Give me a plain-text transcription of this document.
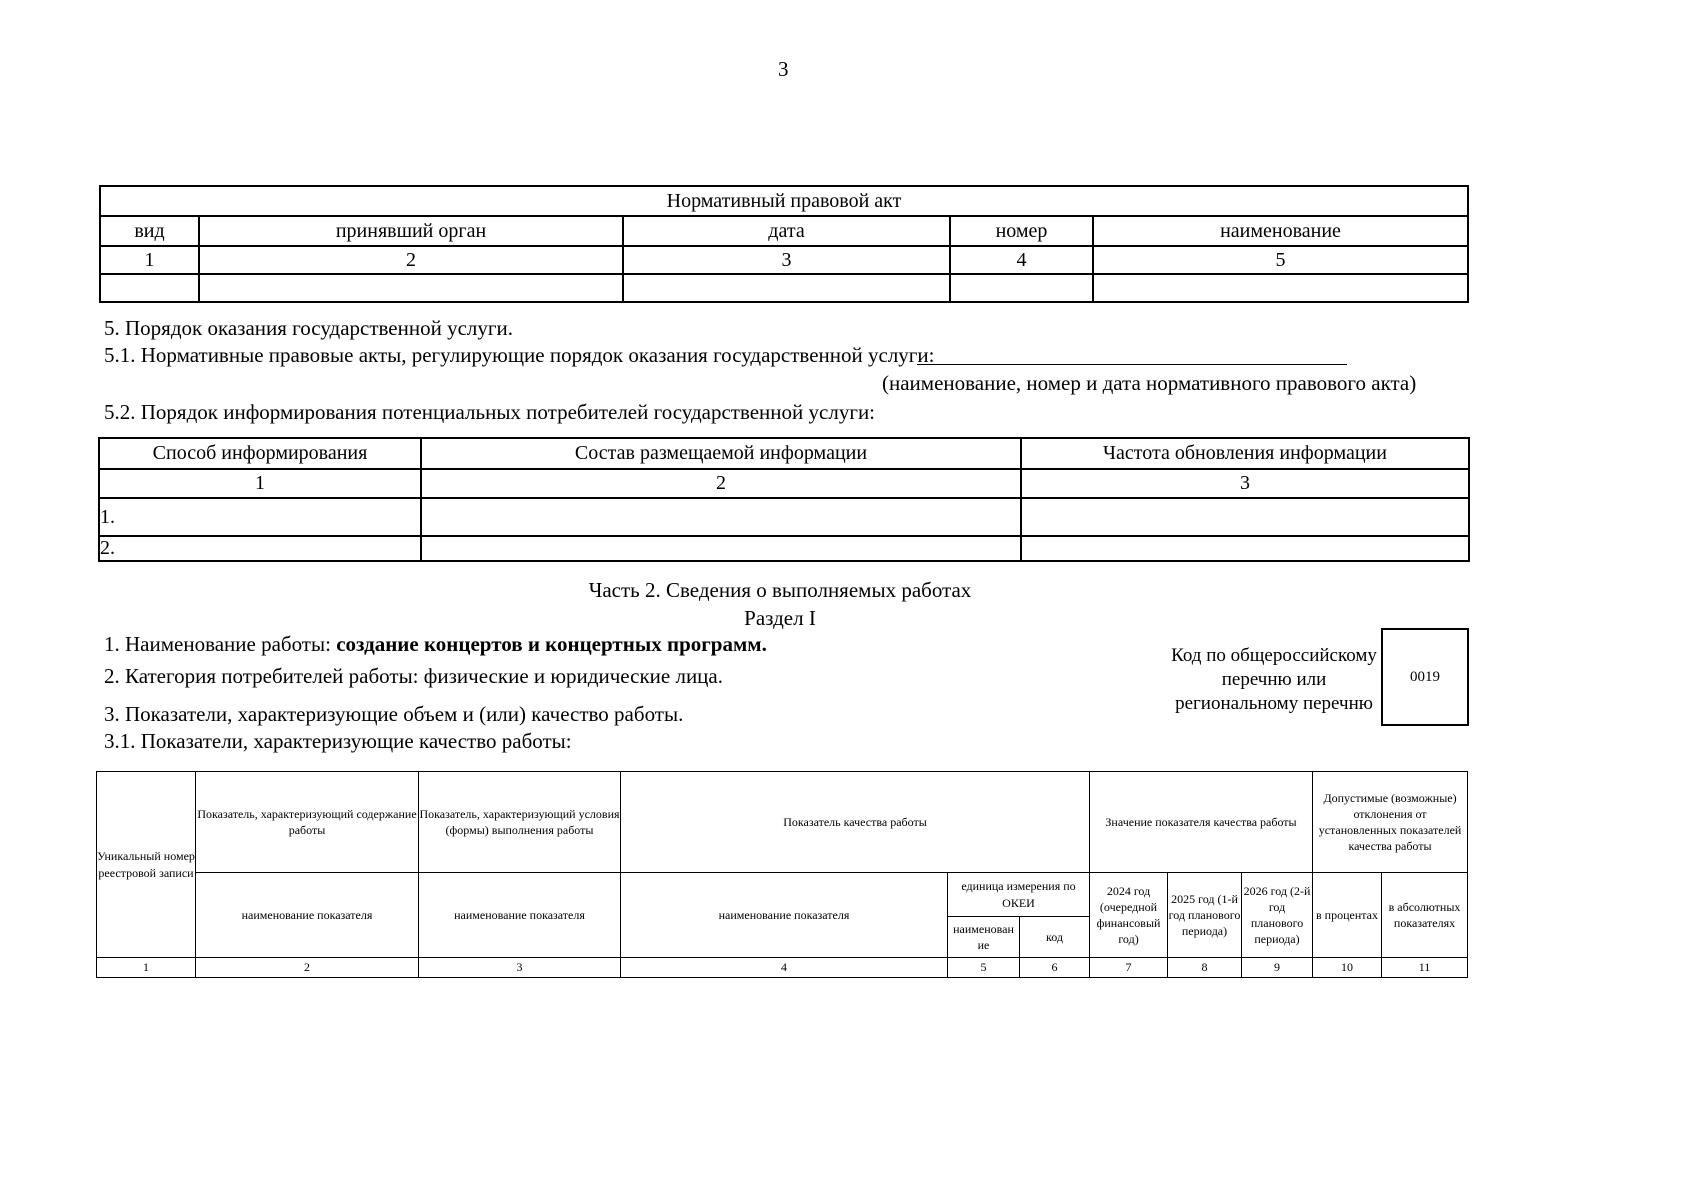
3
Нормативный правовой акт				
вид	принявший орган	дата	номер	наименование
1	2	3	4	5

5. Порядок оказания государственной услуги.
5.1. Нормативные правовые акты, регулирующие порядок оказания государственной услуги:
(наименование, номер и дата нормативного правового акта)
5.2. Порядок информирования потенциальных потребителей государственной услуги:
Способ информирования	Состав размещаемой информации	Частота обновления информации
1	2	3
1.		
2.		
Часть 2. Сведения о выполняемых работах
Раздел I
1. Наименование работы: создание концертов и концертных программ.
2. Категория потребителей работы: физические и юридические лица.
3. Показатели, характеризующие объем и (или) качество работы.
3.1. Показатели, характеризующие качество работы:
Код по общероссийскому
перечню или
региональному перечню
0019
Уникальный номер реестровой записи	Показатель, характеризующий содержание работы	Показатель, характеризующий условия (формы) выполнения работы	Показатель качества работы			Значение показателя качества работы			Допустимые (возможные) отклонения от установленных показателей качества работы	
	наименование показателя	наименование показателя	наименование показателя	единица измерения по ОКЕИ		2024 год (очередной финансовый год)	2025 год (1-й год планового периода)	2026 год (2-й год планового периода)	в процентах	в абсолютных показателях
				наименован ие	код					
1	2	3	4	5	6	7	8	9	10	11
